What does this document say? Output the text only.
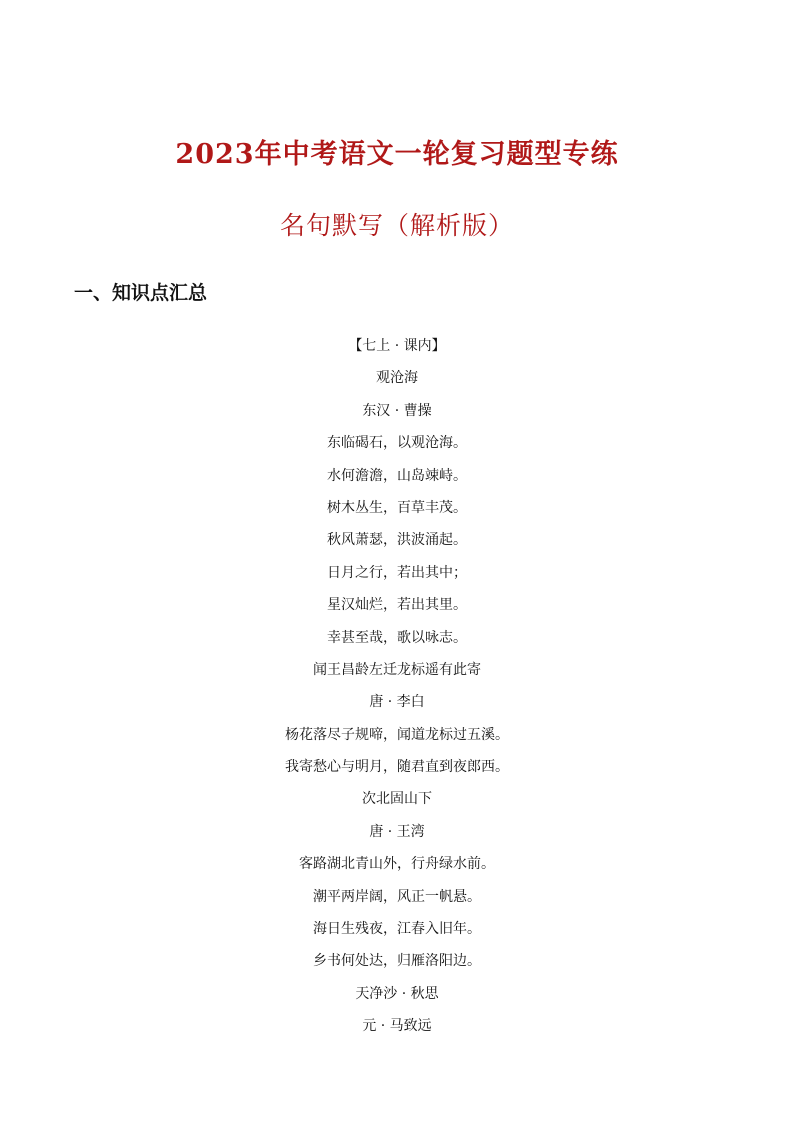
2023年中考语文一轮复习题型专练
名句默写（解析版）
一、知识点汇总
【七上 · 课内】
观沧海
东汉 · 曹操
东临碣石，以观沧海。
水何澹澹，山岛竦峙。
树木丛生，百草丰茂。
秋风萧瑟，洪波涌起。
日月之行，若出其中；
星汉灿烂，若出其里。
幸甚至哉，歌以咏志。
闻王昌龄左迁龙标遥有此寄
唐 · 李白
杨花落尽子规啼，闻道龙标过五溪。
我寄愁心与明月，随君直到夜郎西。
次北固山下
唐 · 王湾
客路湖北青山外，行舟绿水前。
潮平两岸阔，风正一帆悬。
海日生残夜，江春入旧年。
乡书何处达，归雁洛阳边。
天净沙 · 秋思
元 · 马致远
